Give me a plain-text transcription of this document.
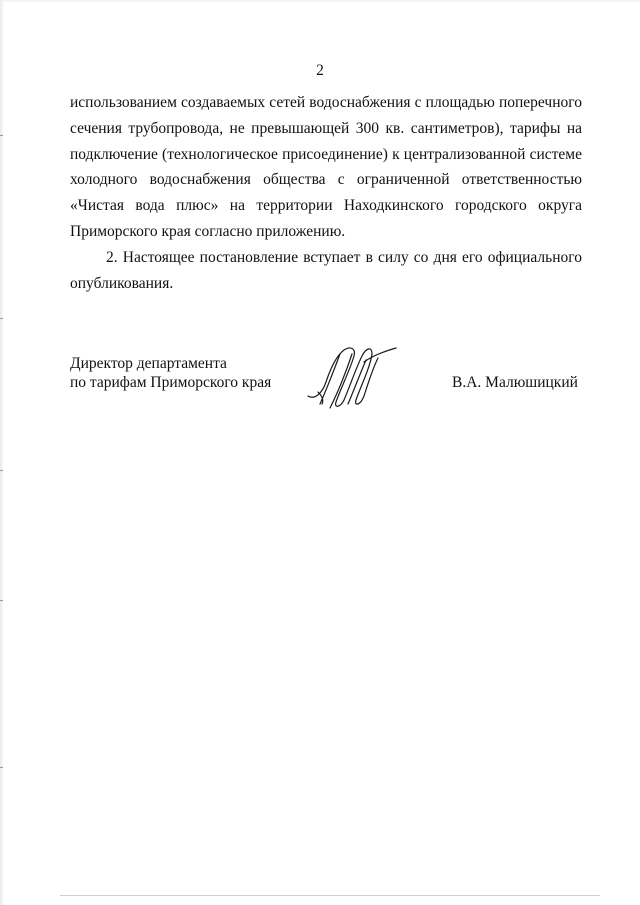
2
использованием создаваемых сетей водоснабжения с площадью поперечного
сечения трубопровода, не превышающей 300 кв. сантиметров), тарифы на
подключение (технологическое присоединение) к централизованной системе
холодного водоснабжения общества с ограниченной ответственностью
«Чистая вода плюс» на территории Находкинского городского округа
Приморского края согласно приложению.
2. Настоящее постановление вступает в силу со дня его официального
опубликования.
Директор департамента
по тарифам Приморского края	В.А. Малюшицкий
